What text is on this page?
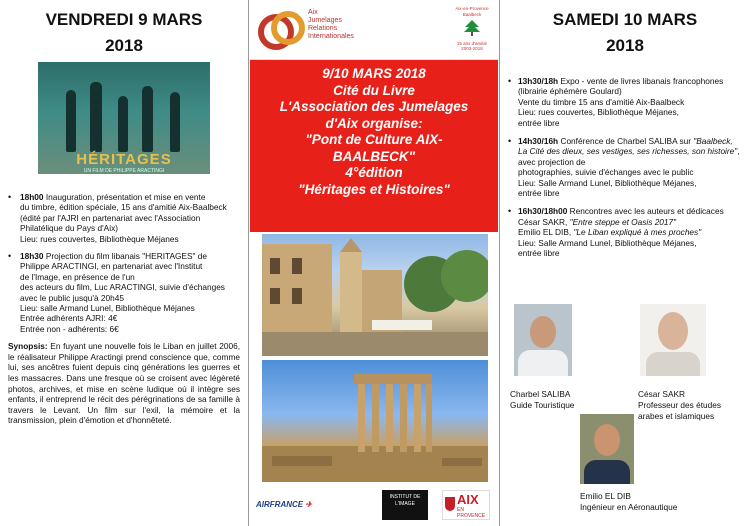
VENDREDI 9 MARS
2018
HÉRITAGES
UN FILM DE PHILIPPE ARACTINGI
• 18h00 Inauguration, présentation et mise en vente
du timbre, édition spéciale, 15 ans d'amitié Aix-Baalbeck
(édité par l'AJRI en partenariat avec l'Association
Philatélique du Pays d'Aix)
Lieu: rues couvertes, Bibliothèque Méjanes
• 18h30 Projection du film libanais "HERITAGES" de
Philippe ARACTINGI, en partenariat avec l'Institut
de l'Image, en présence de l'un
des acteurs du film, Luc ARACTINGI, suivie d'échanges
avec le public jusqu'à 20h45
Lieu: salle Armand Lunel, Bibliothèque Méjanes
Entrée adhérents AJRI: 4€
Entrée non - adhérents: 6€
Synopsis: En fuyant une nouvelle fois le Liban en juillet 2006, le réalisateur Philippe Aractingi prend conscience que, comme lui, ses ancêtres fuient depuis cinq générations les guerres et les massacres. Dans une fresque où se croisent avec légèreté photos, archives, et mise en scène ludique où il intègre ses enfants, il entreprend le récit des pérégrinations de sa famille à travers le Levant. Un film sur l'exil, la mémoire et la transmission, plein d'émotion et d'honnêteté.
Aix
Jumelages
Relations
Internationales
Aix-en-Provence Baalbeck
15 ans d'amitié 2003-2018
9/10 MARS 2018
Cité du Livre
L'Association des Jumelages
d'Aix organise:
"Pont de Culture AIX-
BAALBECK"
4°édition
"Héritages et Histoires"
AIRFRANCE ✈
INSTITUT DE L'IMAGE	AIX
EN PROVENCE
SAMEDI 10 MARS
2018
• 13h30/18h Expo - vente de livres libanais francophones
(librairie éphémère Goulard)
Vente du timbre 15 ans d'amitié Aix-Baalbeck
Lieu: rues couvertes, Bibliothèque Méjanes,
entrée libre
• 14h30/16h Conférence de Charbel SALIBA sur "Baalbeck, La Cité des dieux, ses vestiges, ses richesses, son histoire", avec projection de
photographies, suivie d'échanges avec le public
Lieu: Salle Armand Lunel, Bibliothèque Méjanes,
entrée libre
• 16h30/18h00 Rencontres avec les auteurs et dédicaces
César SAKR, "Entre steppe et Oasis 2017"
Emilio EL DIB, "Le Liban expliqué à mes proches"
Lieu: Salle Armand Lunel, Bibliothèque Méjanes,
entrée libre
Charbel SALIBA
Guide Touristique
César SAKR
Professeur des études arabes et islamiques
Emilio EL DIB
Ingénieur en Aéronautique
